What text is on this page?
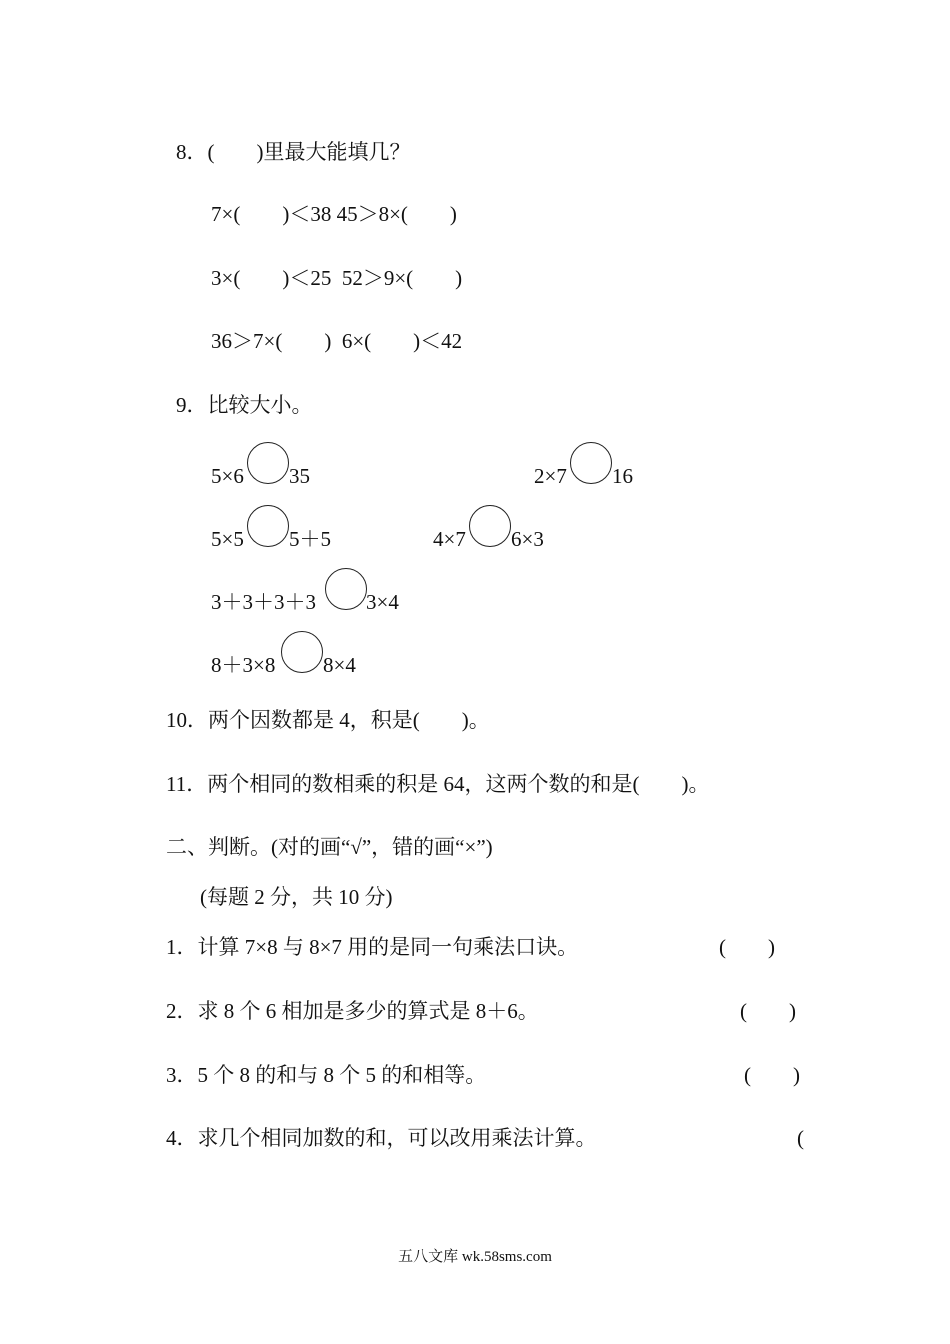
8．(　　)里最大能填几？
7×(　　)＜38 45＞8×(　　)
3×(　　)＜25  52＞9×(　　)
36＞7×(　　)  6×(　　)＜42
9．比较大小。
5×6 35	2×7 16
5×5 5＋5	4×7 6×3
3＋3＋3＋3 3×4
8＋3×8 8×4
10．两个因数都是 4，积是(　　)。
11．两个相同的数相乘的积是 64，这两个数的和是(　　)。
二、判断。(对的画“√”，错的画“×”)
(每题 2 分，共 10 分)
1．计算 7×8 与 8×7 用的是同一句乘法口诀。	(　　)
2．求 8 个 6 相加是多少的算式是 8＋6。	(　　)
3．5 个 8 的和与 8 个 5 的和相等。	(　　)
4．求几个相同加数的和，可以改用乘法计算。	(
五八文库 wk.58sms.com
